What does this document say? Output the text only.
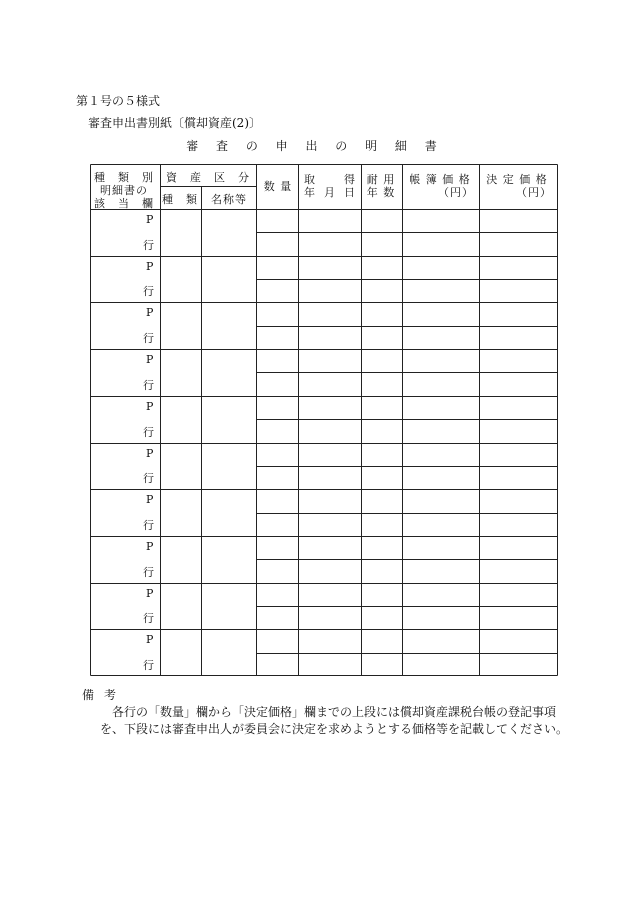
第１号の５様式
審査申出書別紙〔償却資産(2)〕
審 査 の 申 出 の 明 細 書
種　類　別
明細書の
該　当　欄
資　産　区　分
種　類	名称等
数 量
取	得
年 月 日
耐 用
年 数
帳 簿 価 格
（円）
決 定 価 格
（円）
P
行
P
行
P
行
P
行
P
行
P
行
P
行
P
行
P
行
P
行
備考
各行の「数量」欄から「決定価格」欄までの上段には償却資産課税台帳の登記事項
を、下段には審査申出人が委員会に決定を求めようとする価格等を記載してください。
